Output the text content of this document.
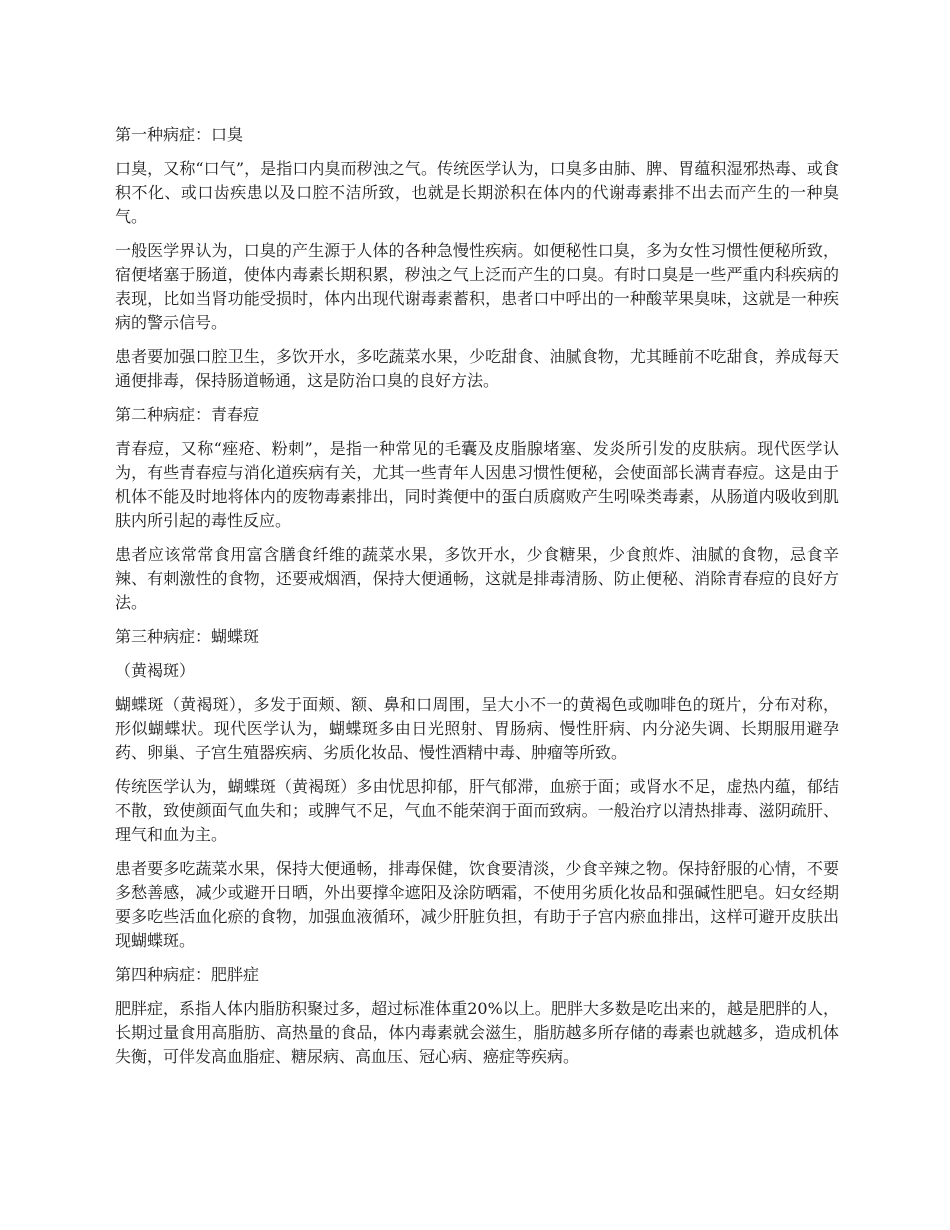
第一种病症：口臭

口臭，又称“口气”，是指口内臭而秽浊之气。传统医学认为，口臭多由肺、脾、胃蕴积湿邪热毒、或食积不化、或口齿疾患以及口腔不洁所致，也就是长期淤积在体内的代谢毒素排不出去而产生的一种臭气。

一般医学界认为，口臭的产生源于人体的各种急慢性疾病。如便秘性口臭，多为女性习惯性便秘所致，宿便堵塞于肠道，使体内毒素长期积累，秽浊之气上泛而产生的口臭。有时口臭是一些严重内科疾病的表现，比如当肾功能受损时，体内出现代谢毒素蓄积，患者口中呼出的一种酸苹果臭味，这就是一种疾病的警示信号。

患者要加强口腔卫生，多饮开水，多吃蔬菜水果，少吃甜食、油腻食物，尤其睡前不吃甜食，养成每天通便排毒，保持肠道畅通，这是防治口臭的良好方法。

第二种病症：青春痘

青春痘，又称“痤疮、粉刺”，是指一种常见的毛囊及皮脂腺堵塞、发炎所引发的皮肤病。现代医学认为，有些青春痘与消化道疾病有关，尤其一些青年人因患习惯性便秘，会使面部长满青春痘。这是由于机体不能及时地将体内的废物毒素排出，同时粪便中的蛋白质腐败产生吲哚类毒素，从肠道内吸收到肌肤内所引起的毒性反应。

患者应该常常食用富含膳食纤维的蔬菜水果，多饮开水，少食糖果，少食煎炸、油腻的食物，忌食辛辣、有刺激性的食物，还要戒烟酒，保持大便通畅，这就是排毒清肠、防止便秘、消除青春痘的良好方法。

第三种病症：蝴蝶斑

（黄褐斑）

蝴蝶斑（黄褐斑），多发于面颊、额、鼻和口周围，呈大小不一的黄褐色或咖啡色的斑片，分布对称，形似蝴蝶状。现代医学认为，蝴蝶斑多由日光照射、胃肠病、慢性肝病、内分泌失调、长期服用避孕药、卵巢、子宫生殖器疾病、劣质化妆品、慢性酒精中毒、肿瘤等所致。

传统医学认为，蝴蝶斑（黄褐斑）多由忧思抑郁，肝气郁滞，血瘀于面；或肾水不足，虚热内蕴，郁结不散，致使颜面气血失和；或脾气不足，气血不能荣润于面而致病。一般治疗以清热排毒、滋阴疏肝、理气和血为主。

患者要多吃蔬菜水果，保持大便通畅，排毒保健，饮食要清淡，少食辛辣之物。保持舒服的心情，不要多愁善感，减少或避开日晒，外出要撑伞遮阳及涂防晒霜，不使用劣质化妆品和强碱性肥皂。妇女经期要多吃些活血化瘀的食物，加强血液循环，减少肝脏负担，有助于子宫内瘀血排出，这样可避开皮肤出现蝴蝶斑。

第四种病症：肥胖症

肥胖症，系指人体内脂肪积聚过多，超过标准体重20%以上。肥胖大多数是吃出来的，越是肥胖的人，长期过量食用高脂肪、高热量的食品，体内毒素就会滋生，脂肪越多所存储的毒素也就越多，造成机体失衡，可伴发高血脂症、糖尿病、高血压、冠心病、癌症等疾病。
